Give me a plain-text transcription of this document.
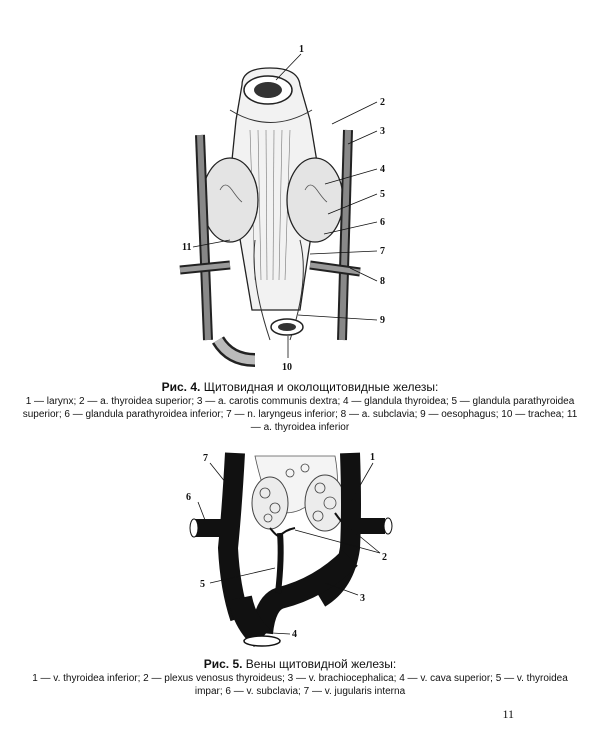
1
2
3
4
5
6
7
8
9
10
11
Рис. 4. Щитовидная и околощитовидные железы:
1 — larynx; 2 — a. thyroidea superior; 3 — a. carotis communis dextra; 4 — glandula thyroidea; 5 — glandula parathyroidea superior; 6 — glandula parathyroidea inferior; 7 — n. laryngeus inferior; 8 — a. subclavia; 9 — oesophagus; 10 — trachea; 11 — a. thyroidea inferior
1
2
3
4
5
6
7
Рис. 5. Вены щитовидной железы:
1 — v. thyroidea inferior; 2 — plexus venosus thyroideus; 3 — v. brachiocephalica; 4 — v. cava superior; 5 — v. thyroidea impar; 6 — v. subclavia; 7 — v. jugularis interna
11
